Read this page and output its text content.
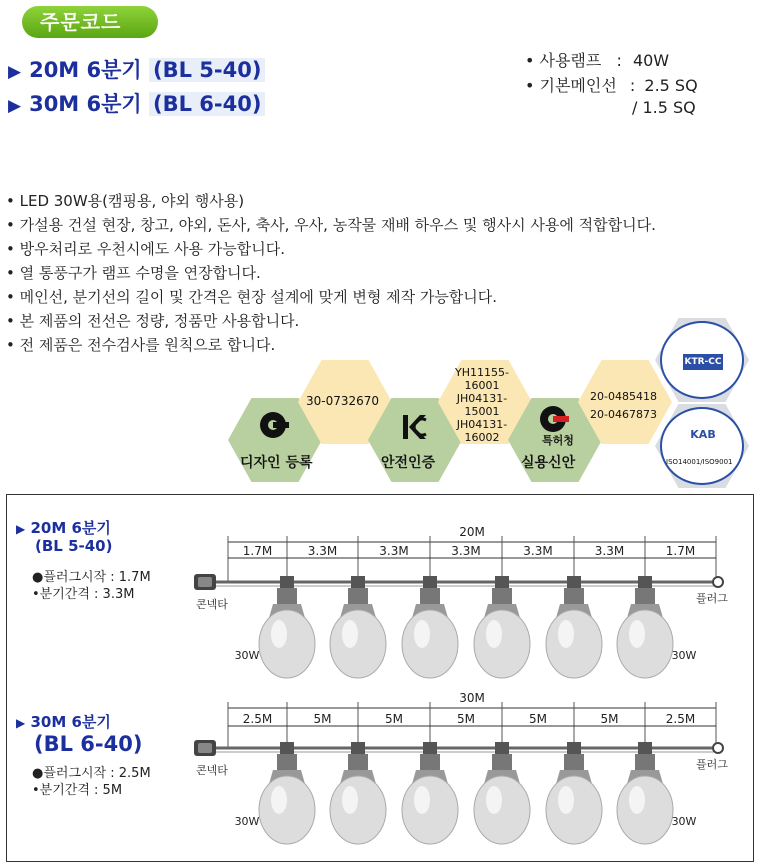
주문코드
▶ 20M 6분기 (BL 5-40)
▶ 30M 6분기 (BL 6-40)
• 사용램프 : 40W
• 기본메인선 : 2.5 SQ
/ 1.5 SQ
• LED 30W용(캠핑용, 야외 행사용)
• 가설용 건설 현장, 창고, 야외, 돈사, 축사, 우사, 농작물 재배 하우스 및 행사시 사용에 적합합니다.
• 방우처리로 우천시에도 사용 가능합니다.
• 열 통풍구가 램프 수명을 연장합니다.
• 메인선, 분기선의 길이 및 간격은 현장 설계에 맞게 변형 제작 가능합니다.
• 본 제품의 전선은 정량, 정품만 사용합니다.
• 전 제품은 전수검사를 원칙으로 합니다.
디자인 등록
30-0732670
안전인증
YH11155-
16001
JH04131-
15001
JH04131-
16002	특허청
실용신안
20-0485418
20-0467873
KTR-CC
KAB
ISO14001/ISO9001
▶ 20M 6분기
(BL 5-40)
●플러그시작 : 1.7M
•분기간격 : 3.3M
▶ 30M 6분기
(BL 6-40)
●플러그시작 : 2.5M
•분기간격 : 5M
20M
1.7M	3.3M	3.3M	3.3M	3.3M	3.3M	1.7M
콘넥타	플러그
30W	30W
30M
2.5M	5M	5M	5M	5M	5M	2.5M
콘넥타	플러그
30W	30W
